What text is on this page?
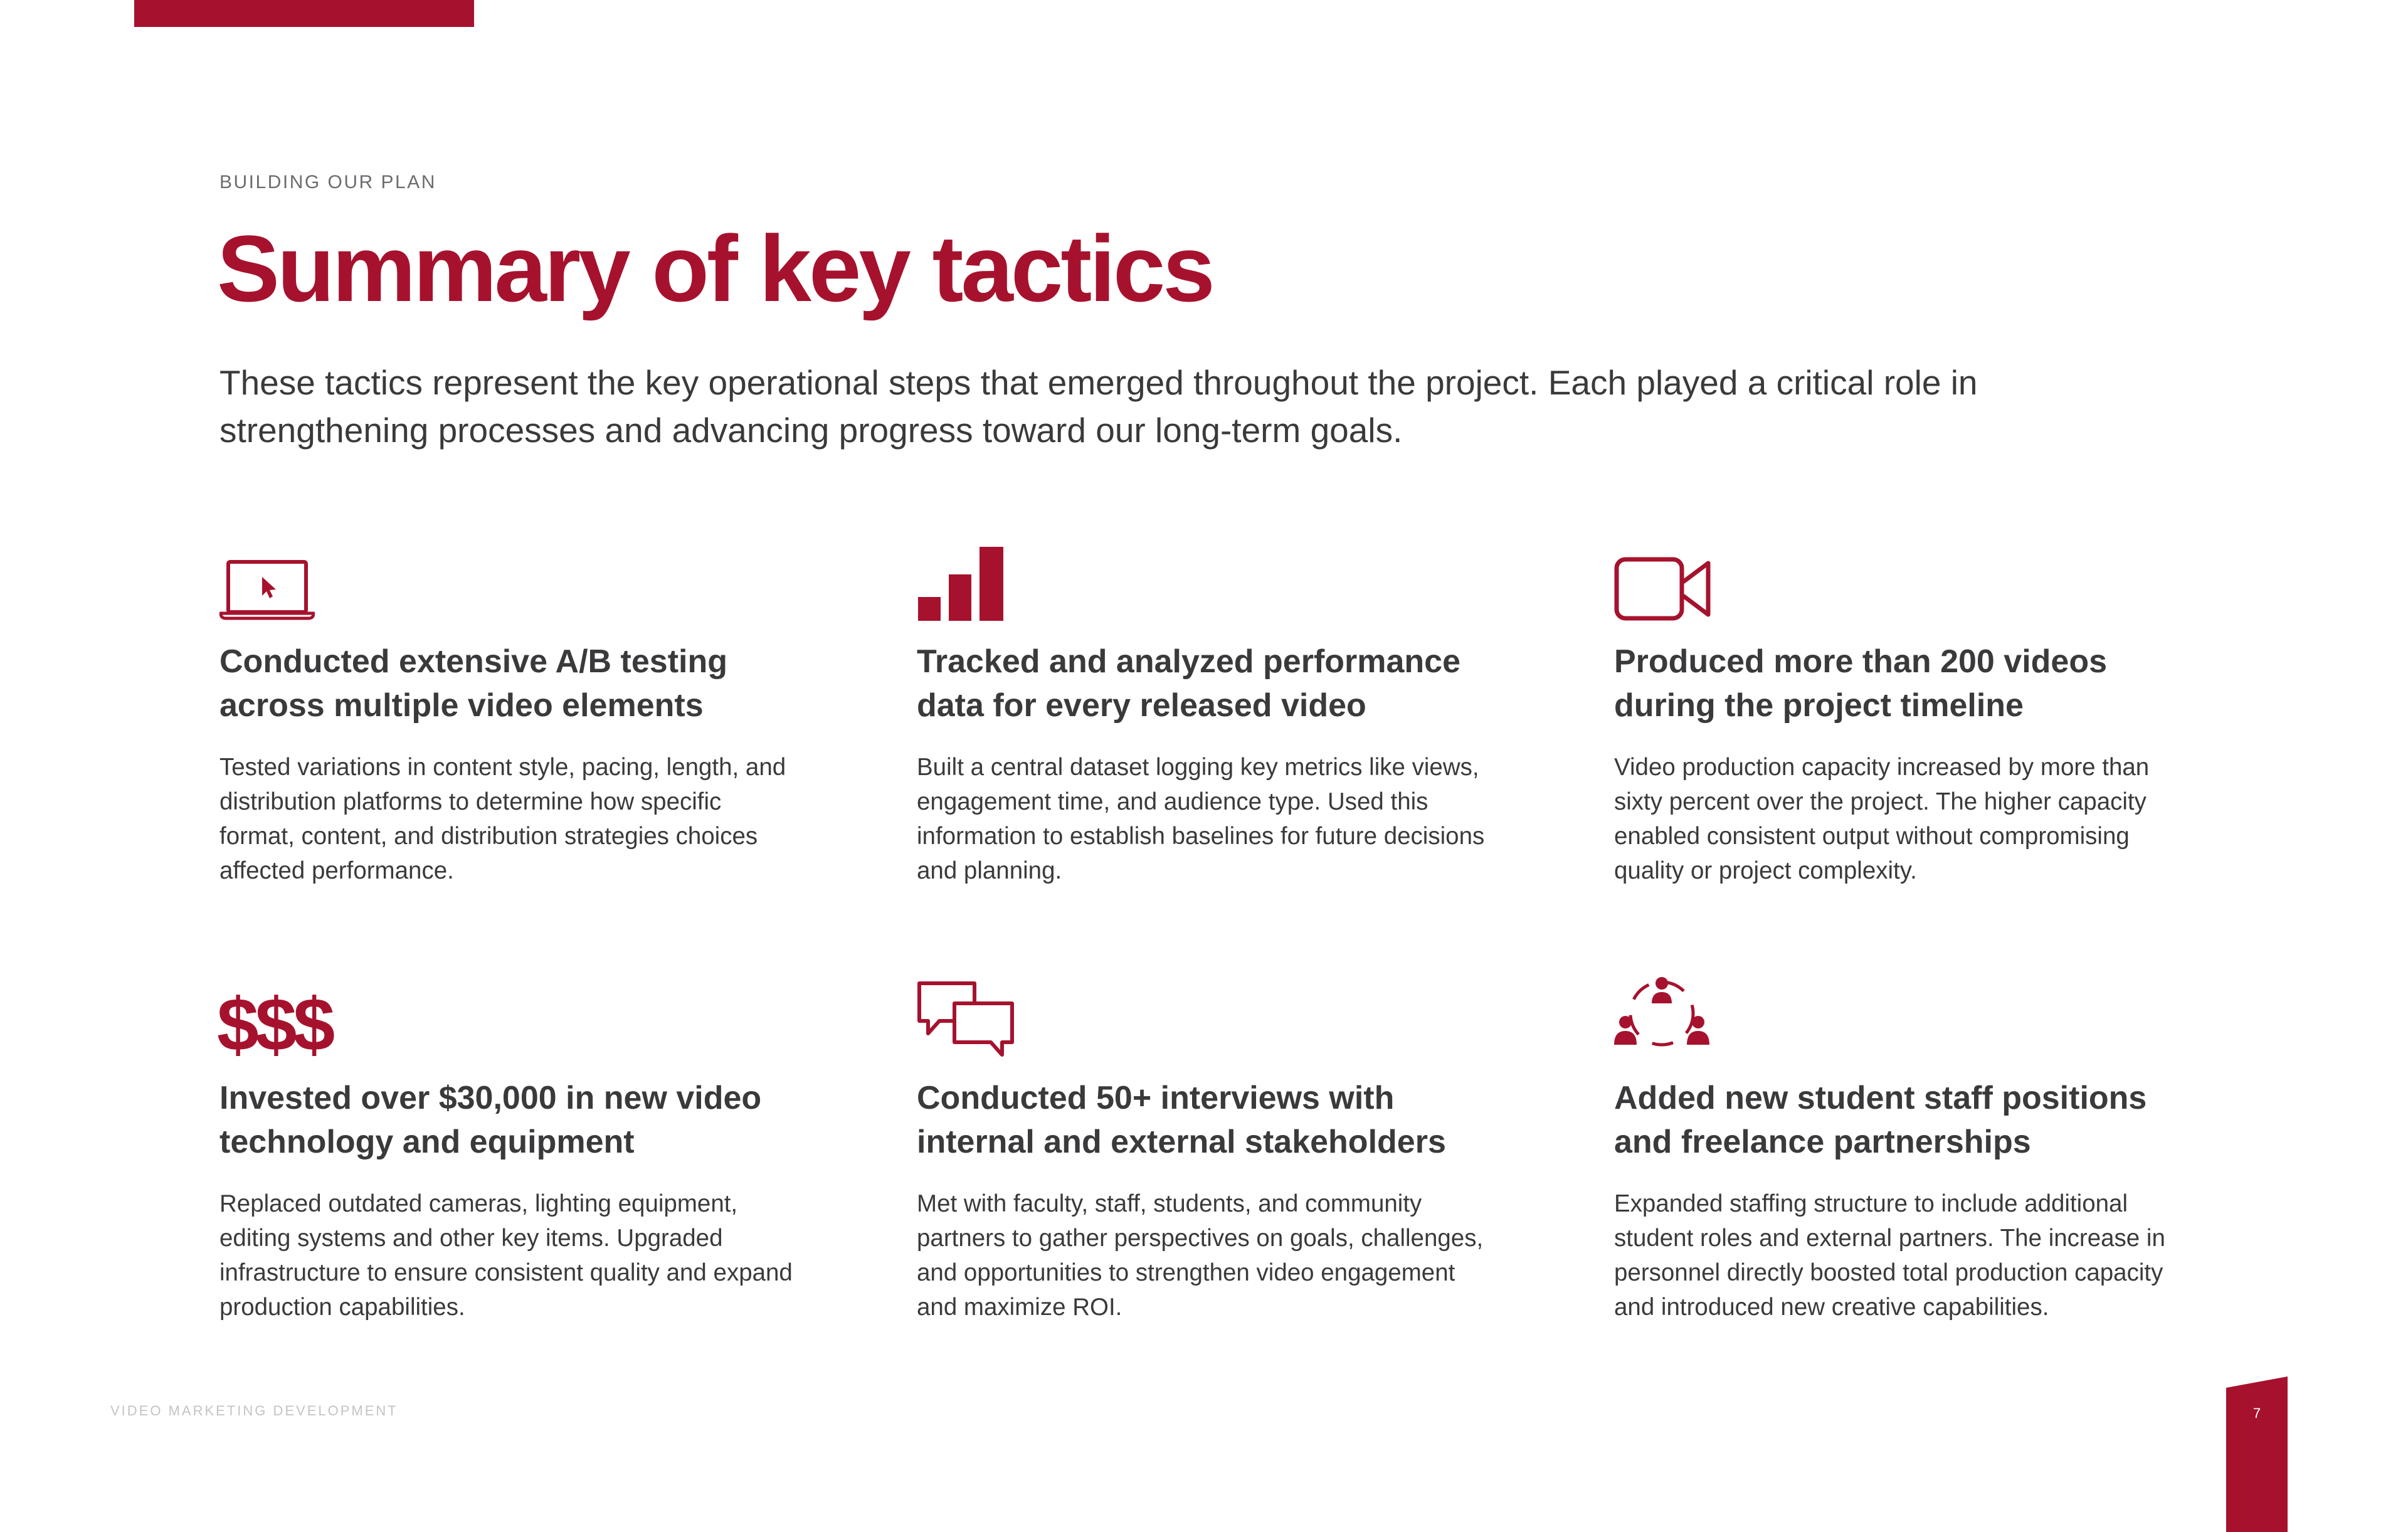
BUILDING OUR PLAN
Summary of key tactics

These tactics represent the key operational steps that emerged throughout the project. Each played a critical role in strengthening processes and advancing progress toward our long-term goals.

Conducted extensive A/B testing across multiple video elements

Tested variations in content style, pacing, length, and distribution platforms to determine how specific format, content, and distribution strategies choices affected performance.

Tracked and analyzed performance data for every released video

Built a central dataset logging key metrics like views, engagement time, and audience type. Used this information to establish baselines for future decisions and planning.

Produced more than 200 videos during the project timeline

Video production capacity increased by more than sixty percent over the project. The higher capacity enabled consistent output without compromising quality or project complexity.

$$$
Invested over $30,000 in new video technology and equipment

Replaced outdated cameras, lighting equipment, editing systems and other key items. Upgraded infrastructure to ensure consistent quality and expand production capabilities.

Conducted 50+ interviews with internal and external stakeholders

Met with faculty, staff, students, and community partners to gather perspectives on goals, challenges, and opportunities to strengthen video engagement and maximize ROI.

Added new student staff positions and freelance partnerships

Expanded staffing structure to include additional student roles and external partners. The increase in personnel directly boosted total production capacity and introduced new creative capabilities.

VIDEO MARKETING DEVELOPMENT	7
